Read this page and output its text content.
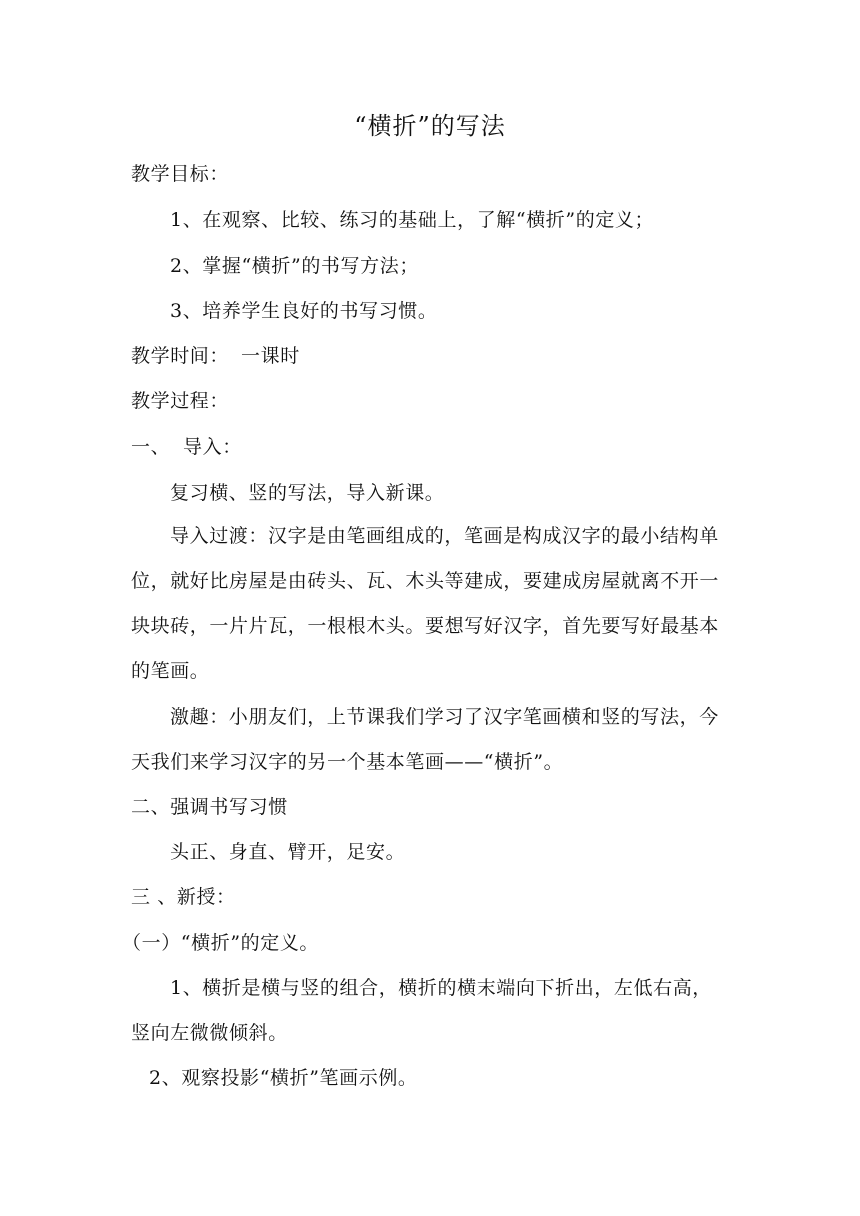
“横折”的写法
教学目标：
1、在观察、比较、练习的基础上，了解“横折”的定义；
2、掌握“横折”的书写方法；
3、培养学生良好的书写习惯。
教学时间： 一课时
教学过程：
一、 导入：
复习横、竖的写法，导入新课。
导入过渡：汉字是由笔画组成的，笔画是构成汉字的最小结构单
位，就好比房屋是由砖头、瓦、木头等建成，要建成房屋就离不开一
块块砖，一片片瓦，一根根木头。要想写好汉字，首先要写好最基本
的笔画。
激趣：小朋友们，上节课我们学习了汉字笔画横和竖的写法，今
天我们来学习汉字的另一个基本笔画——“横折”。
二、强调书写习惯
头正、身直、臂开，足安。
三 、新授：
（一）“横折”的定义。
1、横折是横与竖的组合，横折的横末端向下折出，左低右高，
竖向左微微倾斜。
2、观察投影“横折”笔画示例。
